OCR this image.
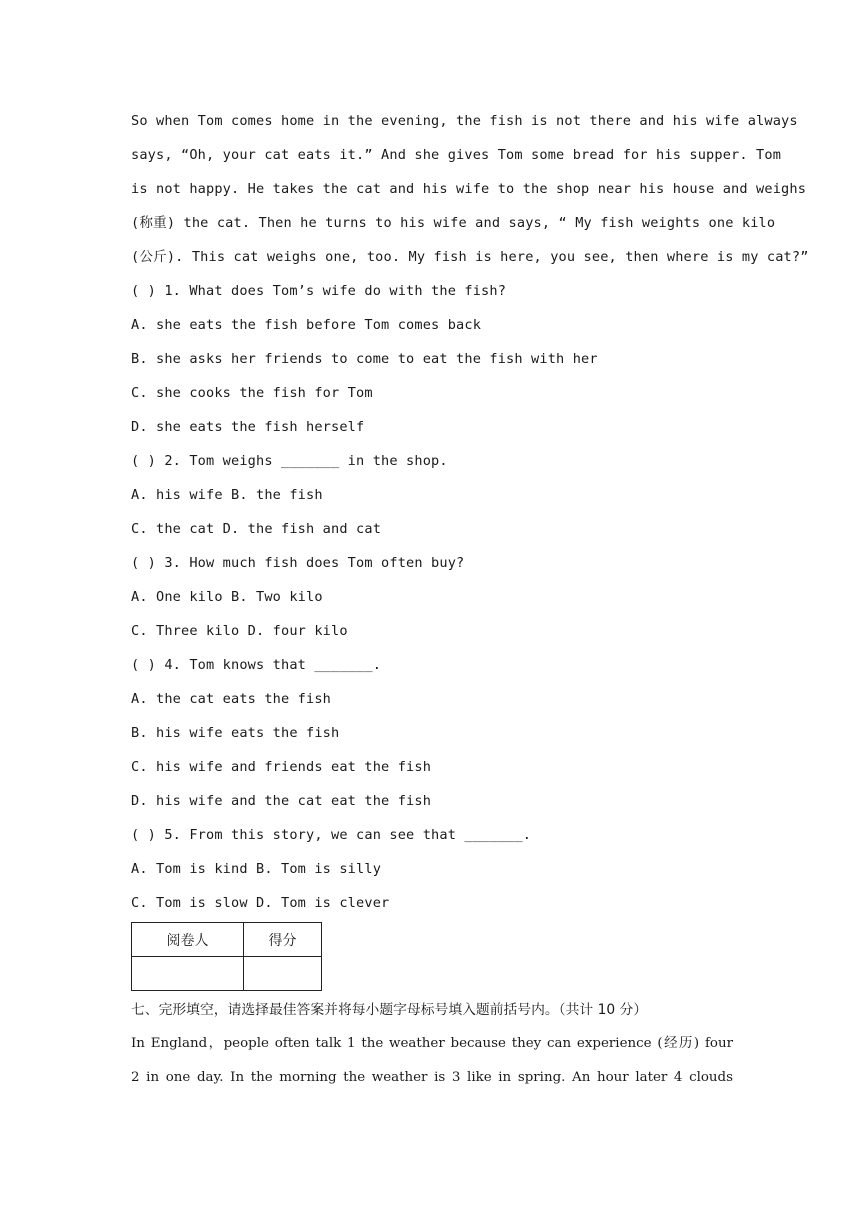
So when Tom comes home in the evening, the fish is not there and his wife always
says, “Oh, your cat eats it.” And she gives Tom some bread for his supper. Tom
is not happy. He takes the cat and his wife to the shop near his house and weighs
(称重) the cat. Then he turns to his wife and says, “ My fish weights one kilo
(公斤). This cat weighs one, too. My fish is here, you see, then where is my cat?”
( ) 1. What does Tom’s wife do with the fish?
A. she eats the fish before Tom comes back
B. she asks her friends to come to eat the fish with her
C. she cooks the fish for Tom
D. she eats the fish herself
( ) 2. Tom weighs _______ in the shop.
A. his wife B. the fish
C. the cat D. the fish and cat
( ) 3. How much fish does Tom often buy?
A. One kilo B. Two kilo
C. Three kilo D. four kilo
( ) 4. Tom knows that _______.
A. the cat eats the fish
B. his wife eats the fish
C. his wife and friends eat the fish
D. his wife and the cat eat the fish
( ) 5. From this story, we can see that _______.
A. Tom is kind B. Tom is silly
C. Tom is slow D. Tom is clever
阅卷人	得分

七、完形填空，请选择最佳答案并将每小题字母标号填入题前括号内。（共计 10 分）
In England，people often talk 1 the weather because they can experience (经历) four
2 in one day. In the morning the weather is 3 like in spring. An hour later 4 clouds
